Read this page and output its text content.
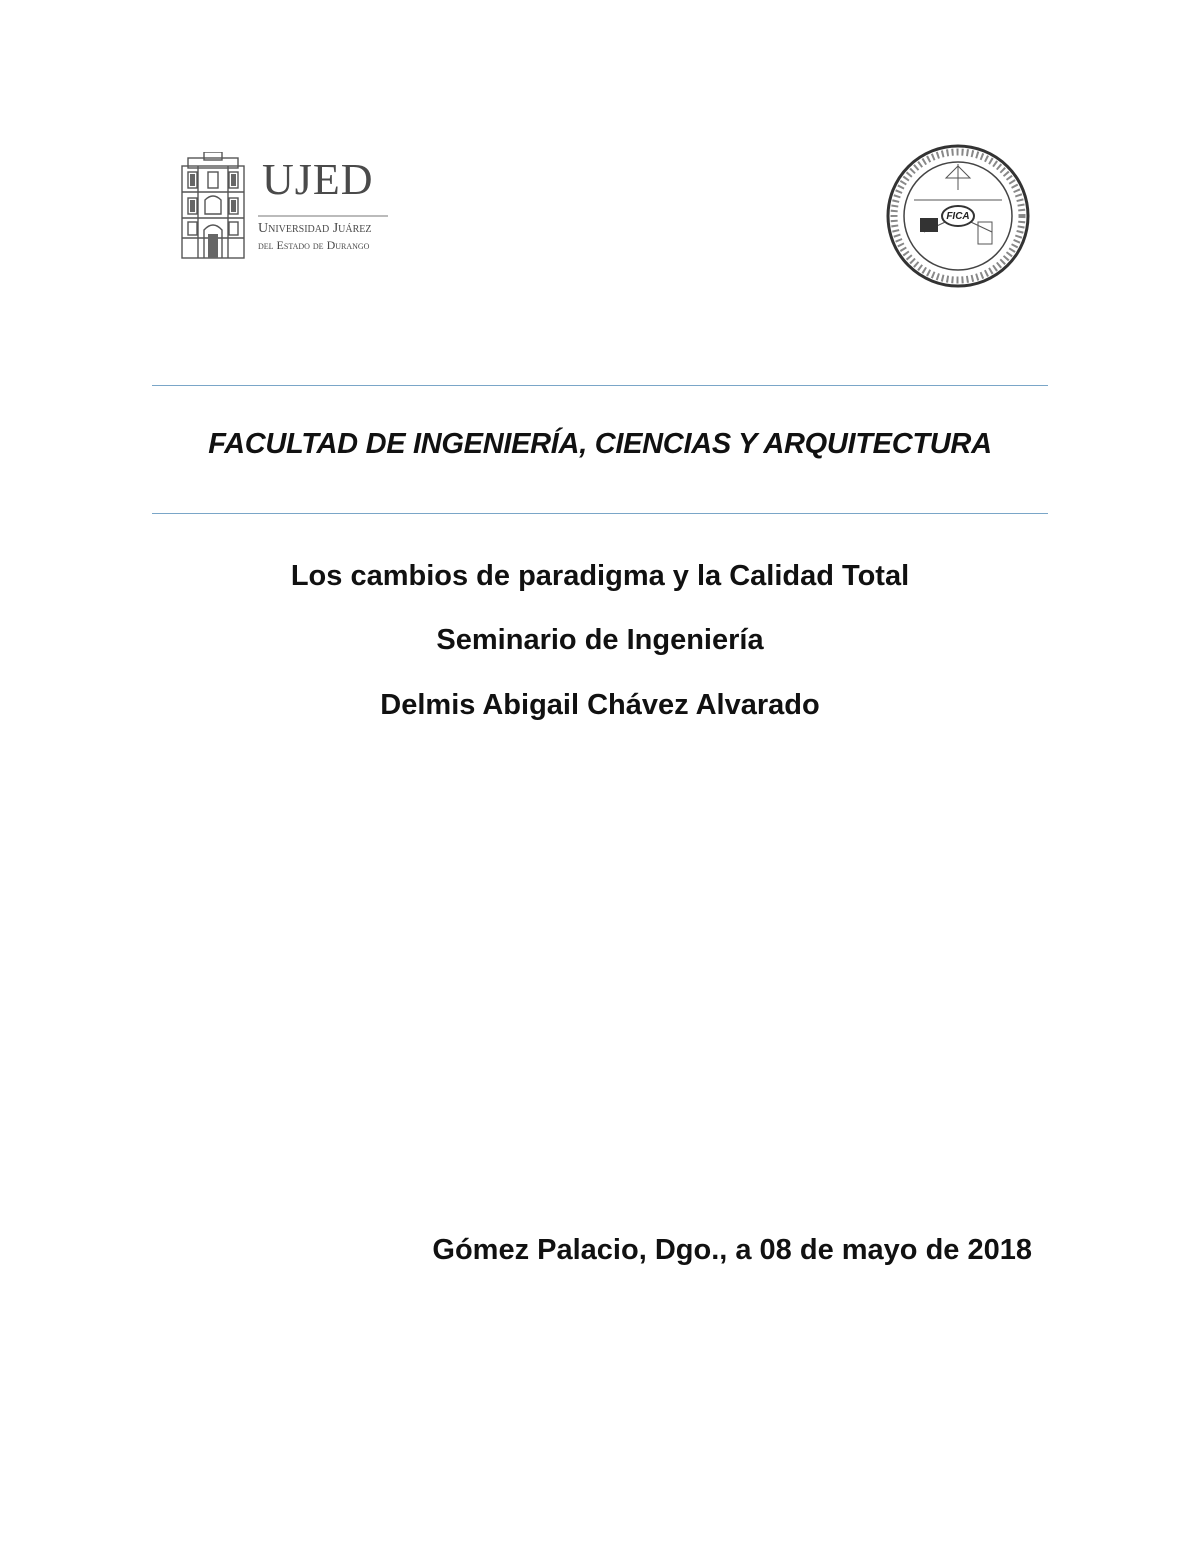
UJED
Universidad Juárez
del Estado de Durango
FICA
FACULTAD DE INGENIERÍA, CIENCIAS Y ARQUITECTURA
Los cambios de paradigma y la Calidad Total
Seminario de Ingeniería
Delmis Abigail Chávez Alvarado
Gómez Palacio, Dgo., a 08 de mayo de 2018
